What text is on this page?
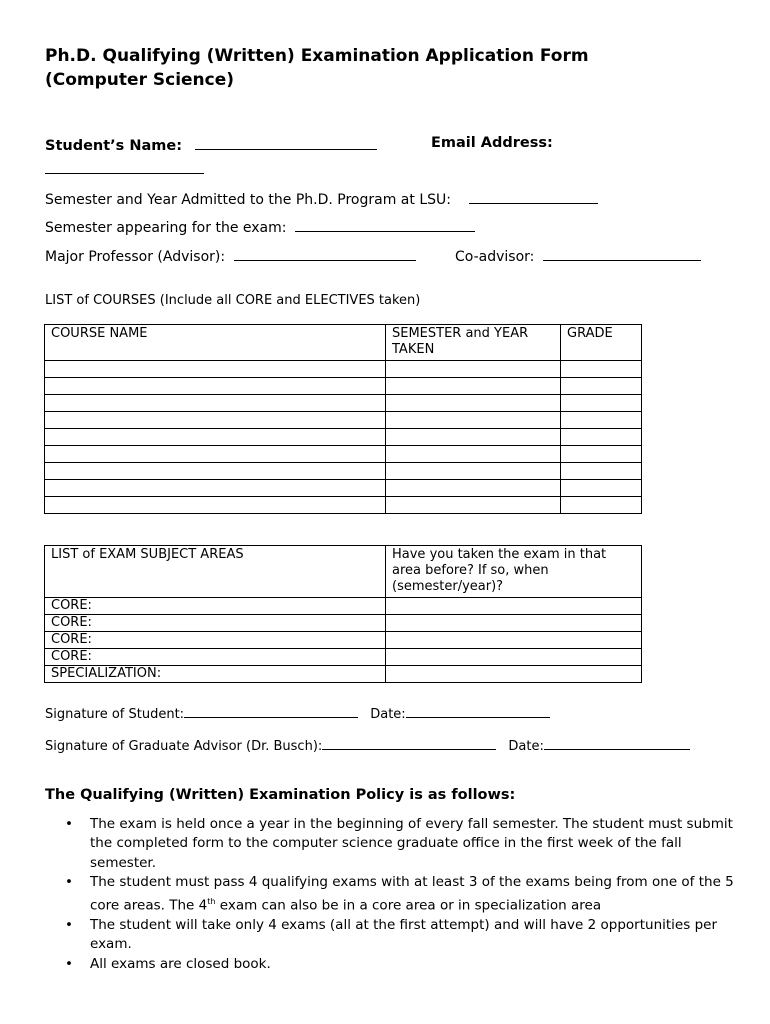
Ph.D. Qualifying (Written) Examination Application Form
(Computer Science)
Student’s Name:	Email Address:
Semester and Year Admitted to the Ph.D. Program at LSU:
Semester appearing for the exam:
Major Professor (Advisor):	Co-advisor:
LIST of COURSES (Include all CORE and ELECTIVES taken)
COURSE NAME	SEMESTER and YEAR TAKEN	GRADE

LIST of EXAM SUBJECT AREAS	Have you taken the exam in that area before? If so, when (semester/year)?
CORE:	
CORE:	
CORE:	
CORE:	
SPECIALIZATION:	
Signature of Student:	Date:
Signature of Graduate Advisor (Dr. Busch):	Date:
The Qualifying (Written) Examination Policy is as follows:
• The exam is held once a year in the beginning of every fall semester. The student must submit the completed form to the computer science graduate office in the first week of the fall semester.
• The student must pass 4 qualifying exams with at least 3 of the exams being from one of the 5 core areas. The 4th exam can also be in a core area or in specialization area
• The student will take only 4 exams (all at the first attempt) and will have 2 opportunities per exam.
• All exams are closed book.
